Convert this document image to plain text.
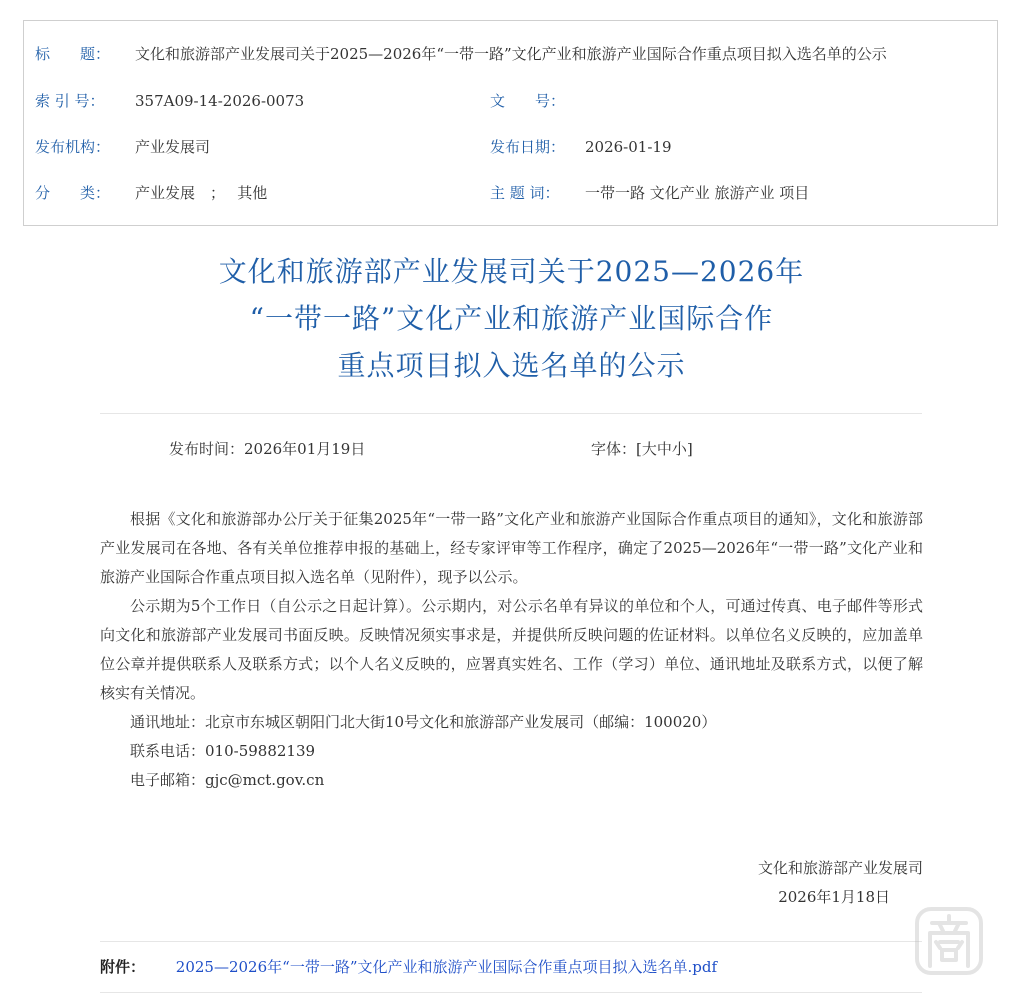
标　　题： 文化和旅游部产业发展司关于2025—2026年“一带一路”文化产业和旅游产业国际合作重点项目拟入选名单的公示
索 引 号： 357A09-14-2026-0073	文　　号：
发布机构： 产业发展司	发布日期： 2026-01-19
分　　类： 产业发展　；　 其他	主 题 词： 一带一路 文化产业 旅游产业 项目
文化和旅游部产业发展司关于2025—2026年
“一带一路”文化产业和旅游产业国际合作
重点项目拟入选名单的公示
发布时间：2026年01月19日	字体：[大中小]

根据《文化和旅游部办公厅关于征集2025年“一带一路”文化产业和旅游产业国际合作重点项目的通知》，文化和旅游部产业发展司在各地、各有关单位推荐申报的基础上，经专家评审等工作程序，确定了2025—2026年“一带一路”文化产业和旅游产业国际合作重点项目拟入选名单（见附件），现予以公示。

公示期为5个工作日（自公示之日起计算）。公示期内，对公示名单有异议的单位和个人，可通过传真、电子邮件等形式向文化和旅游部产业发展司书面反映。反映情况须实事求是，并提供所反映问题的佐证材料。以单位名义反映的，应加盖单位公章并提供联系人及联系方式；以个人名义反映的，应署真实姓名、工作（学习）单位、通讯地址及联系方式，以便了解核实有关情况。

通讯地址：北京市东城区朝阳门北大街10号文化和旅游部产业发展司（邮编：100020）

联系电话：010-59882139

电子邮箱：gjc@mct.gov.cn

文化和旅游部产业发展司
2026年1月18日
附件： 2025—2026年“一带一路”文化产业和旅游产业国际合作重点项目拟入选名单.pdf
